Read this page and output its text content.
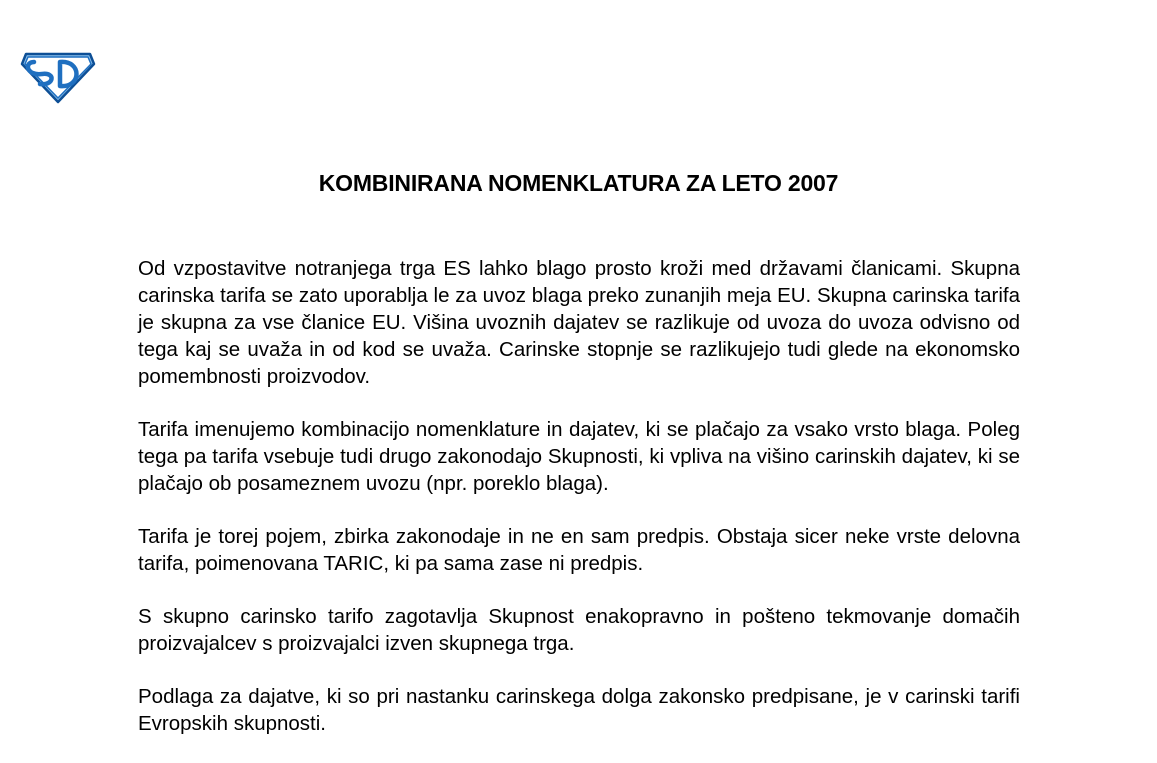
KOMBINIRANA NOMENKLATURA ZA LETO 2007

Od vzpostavitve notranjega trga ES lahko blago prosto kroži med državami članicami. Skupna carinska tarifa se zato uporablja le za uvoz blaga preko zunanjih meja EU. Skupna carinska tarifa je skupna za vse članice EU. Višina uvoznih dajatev se razlikuje od uvoza do uvoza odvisno od tega kaj se uvaža in od kod se uvaža. Carinske stopnje se razlikujejo tudi glede na ekonomsko pomembnosti proizvodov.

Tarifa imenujemo kombinacijo nomenklature in dajatev, ki se plačajo za vsako vrsto blaga. Poleg tega pa tarifa vsebuje tudi drugo zakonodajo Skupnosti, ki vpliva na višino carinskih dajatev, ki se plačajo ob posameznem uvozu (npr. poreklo blaga).

Tarifa je torej pojem, zbirka zakonodaje in ne en sam predpis. Obstaja sicer neke vrste delovna tarifa, poimenovana TARIC, ki pa sama zase ni predpis.

S skupno carinsko tarifo zagotavlja Skupnost enakopravno in pošteno tekmovanje domačih proizvajalcev s proizvajalci izven skupnega trga.

Podlaga za dajatve, ki so pri nastanku carinskega dolga zakonsko predpisane, je v carinski tarifi Evropskih skupnosti.
